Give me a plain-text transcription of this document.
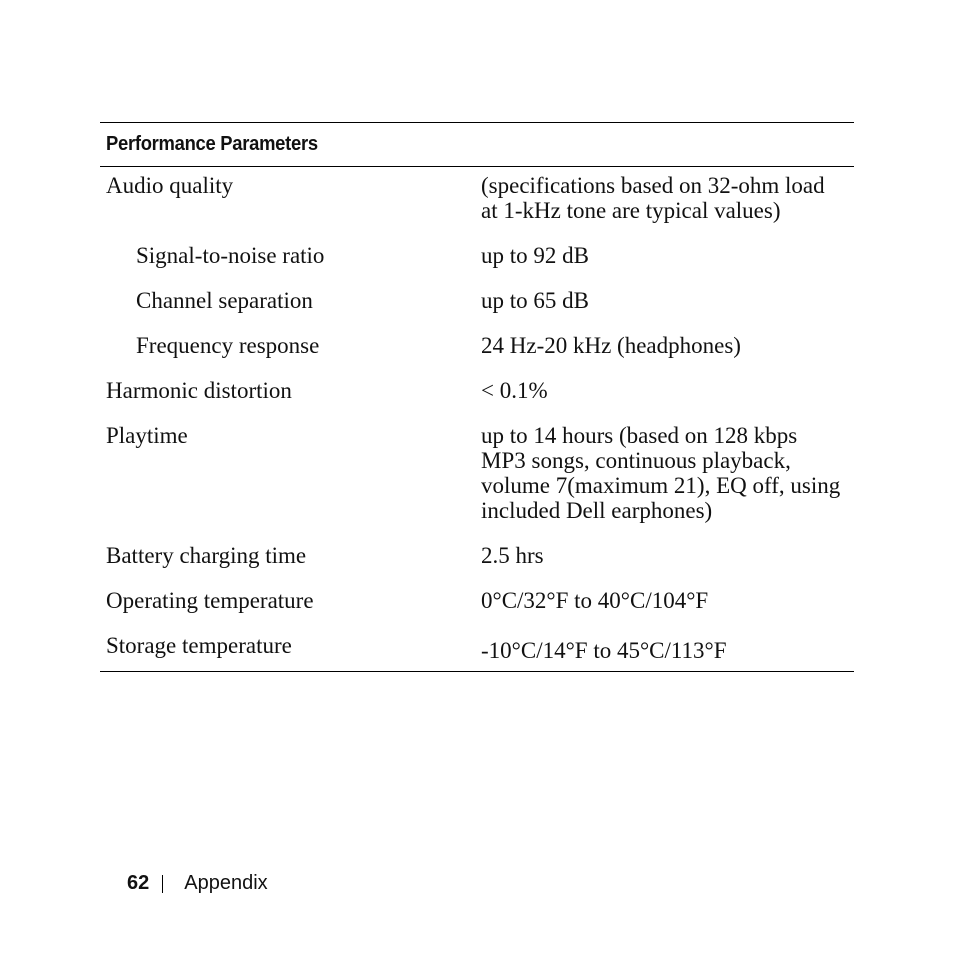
Performance Parameters
Audio quality	(specifications based on 32-ohm load at 1-kHz tone are typical values)
Signal-to-noise ratio	up to 92 dB
Channel separation	up to 65 dB
Frequency response	24 Hz-20 kHz (headphones)
Harmonic distortion	< 0.1%
Playtime	up to 14 hours (based on 128 kbps MP3 songs, continuous playback, volume 7(maximum 21), EQ off, using included Dell earphones)
Battery charging time	2.5 hrs
Operating temperature	0°C/32°F to 40°C/104°F
Storage temperature	-10°C/14°F to 45°C/113°F
62 Appendix
